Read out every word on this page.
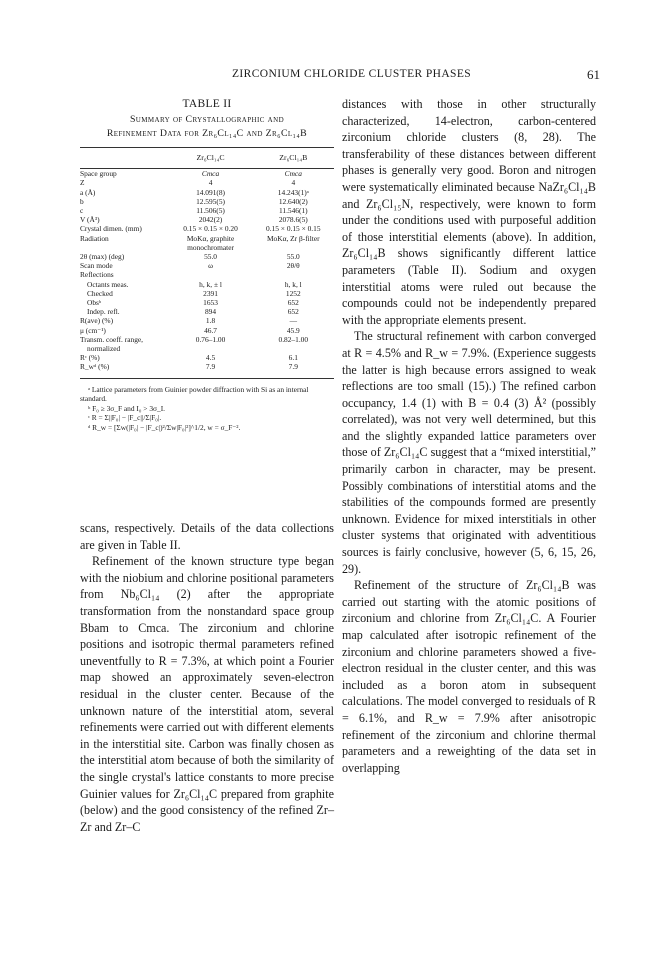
ZIRCONIUM CHLORIDE CLUSTER PHASES	61
TABLE II
Summary of Crystallographic and
Refinement Data for Zr₆Cl₁₄C and Zr₆Cl₁₄B
	Zr₆Cl₁₄C	Zr₆Cl₁₄B
Space group	Cmca	Cmca
Z	4	4
a (Å)	14.091(8)	14.243(1)ᵃ
b	12.595(5)	12.640(2)
c	11.506(5)	11.546(1)
V (Å³)	2042(2)	2078.6(5)
Crystal dimen. (mm)	0.15 × 0.15 × 0.20	0.15 × 0.15 × 0.15
Radiation	MoKα, graphite	MoKα, Zr β-filter
	monochromater	
2θ (max) (deg)	55.0	55.0
Scan mode	ω	2θ/θ
Reflections		
Octants meas.	h, k, ± l	h, k, l
Checked	2391	1252
Obsᵇ	1653	652
Indep. refl.	894	652
R(ave) (%)	1.8	—
μ (cm⁻¹)	46.7	45.9
Transm. coeff. range,	0.76–1.00	0.82–1.00
normalized		
Rᶜ (%)	4.5	6.1
R_wᵈ (%)	7.9	7.9
ᵃ Lattice parameters from Guinier powder diffraction with Si as an internal standard.
ᵇ F₀ ≥ 3σ_F and I₀ > 3σ_I.
ᶜ R = Σ||F₀| − |F_c||/Σ|F₀|.
ᵈ R_w = [Σw(|F₀| − |F_c|)²/Σw|F₀|²]^1/2, w = σ_F⁻².

scans, respectively. Details of the data collections are given in Table II.

Refinement of the known structure type began with the niobium and chlorine positional parameters from Nb₆Cl₁₄ (2) after the appropriate transformation from the nonstandard space group Bbam to Cmca. The zirconium and chlorine positions and isotropic thermal parameters refined uneventfully to R = 7.3%, at which point a Fourier map showed an approximately seven-electron residual in the cluster center. Because of the unknown nature of the interstitial atom, several refinements were carried out with different elements in the interstitial site. Carbon was finally chosen as the interstitial atom because of both the similarity of the single crystal's lattice constants to more precise Guinier values for Zr₆Cl₁₄C prepared from graphite (below) and the good consistency of the refined Zr–Zr and Zr–C

distances with those in other structurally characterized, 14-electron, carbon-centered zirconium chloride clusters (8, 28). The transferability of these distances between different phases is generally very good. Boron and nitrogen were systematically eliminated because NaZr₆Cl₁₄B and Zr₆Cl₁₅N, respectively, were known to form under the conditions used with purposeful addition of those interstitial elements (above). In addition, Zr₆Cl₁₄B shows significantly different lattice parameters (Table II). Sodium and oxygen interstitial atoms were ruled out because the compounds could not be independently prepared with the appropriate elements present.

The structural refinement with carbon converged at R = 4.5% and R_w = 7.9%. (Experience suggests the latter is high because errors assigned to weak reflections are too small (15).) The refined carbon occupancy, 1.4 (1) with B = 0.4 (3) Å² (possibly correlated), was not very well determined, but this and the slightly expanded lattice parameters over those of Zr₆Cl₁₄C suggest that a “mixed interstitial,” primarily carbon in character, may be present. Possibly combinations of interstitial atoms and the stabilities of the compounds formed are presently unknown. Evidence for mixed interstitials in other cluster systems that originated with adventitious sources is fairly conclusive, however (5, 6, 15, 26, 29).

Refinement of the structure of Zr₆Cl₁₄B was carried out starting with the atomic positions of zirconium and chlorine from Zr₆Cl₁₄C. A Fourier map calculated after isotropic refinement of the zirconium and chlorine parameters showed a five-electron residual in the cluster center, and this was included as a boron atom in subsequent calculations. The model converged to residuals of R = 6.1%, and R_w = 7.9% after anisotropic refinement of the zirconium and chlorine thermal parameters and a reweighting of the data set in overlapping
